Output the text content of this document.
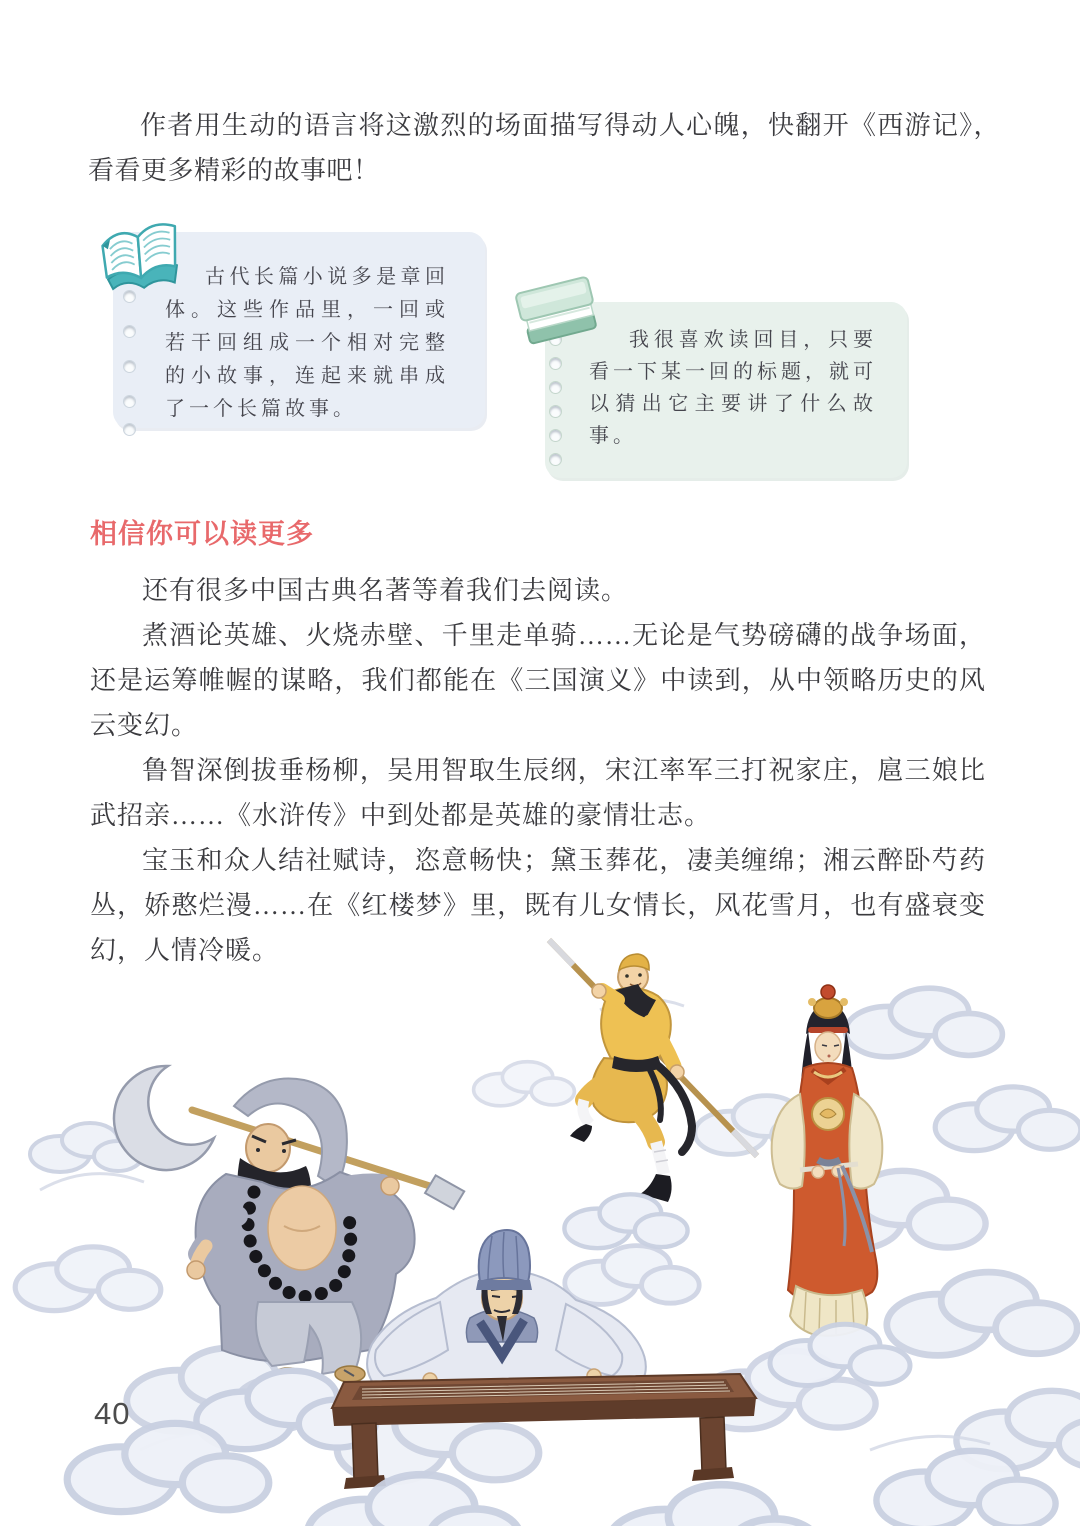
作者用生动的语言将这激烈的场面描写得动人心魄，快翻开《西游记》，看看更多精彩的故事吧！

古代长篇小说多是章回体。这些作品里，一回或若干回组成一个相对完整的小故事，连起来就串成了一个长篇故事。

我很喜欢读回目，只要看一下某一回的标题，就可以猜出它主要讲了什么故事。

相信你可以读更多

还有很多中国古典名著等着我们去阅读。

煮酒论英雄、火烧赤壁、千里走单骑……无论是气势磅礴的战争场面，还是运筹帷幄的谋略，我们都能在《三国演义》中读到，从中领略历史的风云变幻。

鲁智深倒拔垂杨柳，吴用智取生辰纲，宋江率军三打祝家庄，扈三娘比武招亲……《水浒传》中到处都是英雄的豪情壮志。

宝玉和众人结社赋诗，恣意畅快；黛玉葬花，凄美缠绵；湘云醉卧芍药丛，娇憨烂漫……在《红楼梦》里，既有儿女情长，风花雪月，也有盛衰变幻，人情冷暖。

40
